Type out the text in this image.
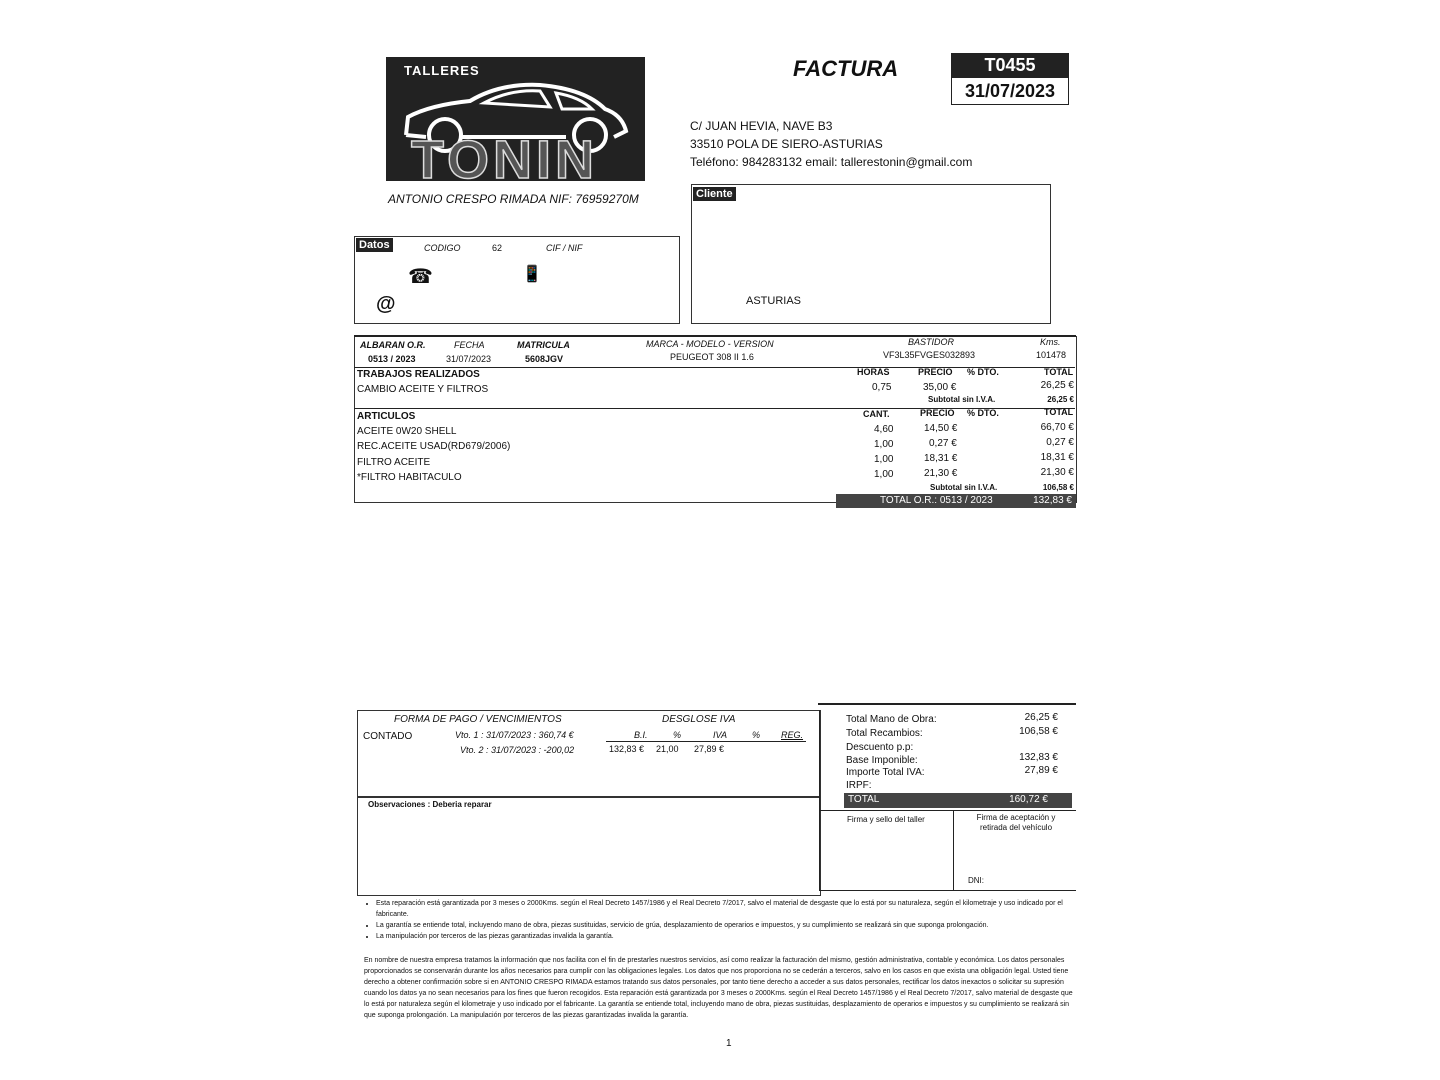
TALLERES
TONIN
ANTONIO CRESPO RIMADA NIF: 76959270M
FACTURA	T0455
31/07/2023
C/ JUAN HEVIA, NAVE B3
33510 POLA DE SIERO-ASTURIAS
Teléfono: 984283132 email: tallerestonin@gmail.com
Datos	CODIGO	62	CIF / NIF
☎	📱
@
Cliente
ASTURIAS
ALBARAN O.R.	FECHA	MATRICULA	MARCA - MODELO - VERSION	BASTIDOR	Kms.
0513 / 2023	31/07/2023	5608JGV	PEUGEOT 308 II 1.6	VF3L35FVGES032893	101478
TRABAJOS REALIZADOS	HORAS	PRECIO % DTO.	TOTAL
CAMBIO ACEITE Y FILTROS	0,75	35,00 €	26,25 €
Subtotal sin I.V.A.	26,25 €
ARTICULOS	CANT.	PRECIO % DTO.	TOTAL
ACEITE 0W20 SHELL	4,60	14,50 €	66,70 €
REC.ACEITE USAD(RD679/2006)	1,00	0,27 €	0,27 €
FILTRO ACEITE	1,00	18,31 €	18,31 €
*FILTRO HABITACULO	1,00	21,30 €	21,30 €
Subtotal sin I.V.A.	106,58 €
TOTAL O.R.: 0513 / 2023	132,83 €
FORMA DE PAGO / VENCIMIENTOS	DESGLOSE IVA
CONTADO	Vto. 1 : 31/07/2023 : 360,74 €
Vto. 2 : 31/07/2023 : -200,02
B.I.	%	IVA	% REG.
132,83 € 21,00 27,89 €
Observaciones : Deberia reparar
Total Mano de Obra:	26,25 €
Total Recambios:	106,58 €
Descuento p.p:
Base Imponible:	132,83 €
Importe Total IVA:	27,89 €
IRPF:
TOTAL	160,72 €
Firma y sello del taller	Firma de aceptación y retirada del vehículo
DNI:
• Esta reparación está garantizada por 3 meses o 2000Kms. según el Real Decreto 1457/1986 y el Real Decreto 7/2017, salvo el material de desgaste que lo está por su naturaleza, según el kilometraje y uso indicado por el fabricante.
• La garantía se entiende total, incluyendo mano de obra, piezas sustituidas, servicio de grúa, desplazamiento de operarios e impuestos, y su cumplimiento se realizará sin que suponga prolongación.
• La manipulación por terceros de las piezas garantizadas invalida la garantía.
En nombre de nuestra empresa tratamos la información que nos facilita con el fin de prestarles nuestros servicios, así como realizar la facturación del mismo, gestión administrativa, contable y económica. Los datos personales proporcionados se conservarán durante los años necesarios para cumplir con las obligaciones legales. Los datos que nos proporciona no se cederán a terceros, salvo en los casos en que exista una obligación legal. Usted tiene derecho a obtener confirmación sobre si en ANTONIO CRESPO RIMADA estamos tratando sus datos personales, por tanto tiene derecho a acceder a sus datos personales, rectificar los datos inexactos o solicitar su supresión cuando los datos ya no sean necesarios para los fines que fueron recogidos. Esta reparación está garantizada por 3 meses o 2000Kms. según el Real Decreto 1457/1986 y el Real Decreto 7/2017, salvo material de desgaste que lo está por naturaleza según el kilometraje y uso indicado por el fabricante. La garantía se entiende total, incluyendo mano de obra, piezas sustituidas, desplazamiento de operarios e impuestos y su cumplimiento se realizará sin que suponga prolongación. La manipulación por terceros de las piezas garantizadas invalida la garantía.
1
